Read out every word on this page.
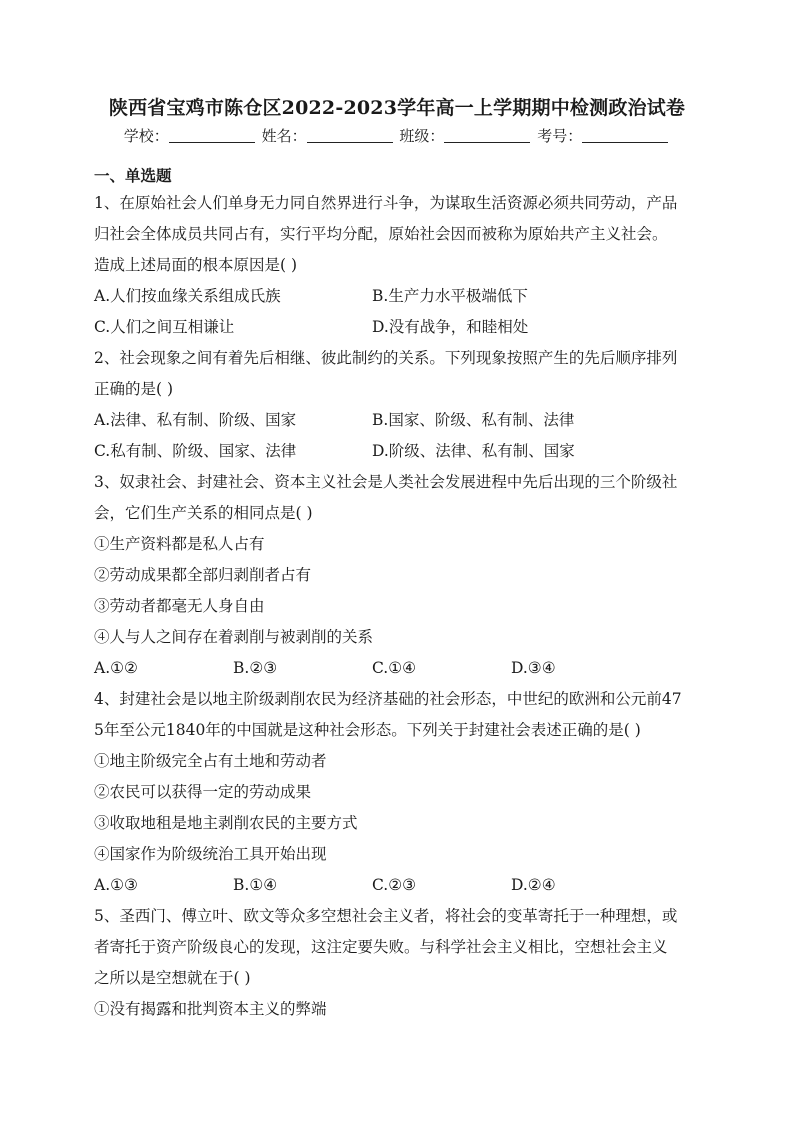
陕西省宝鸡市陈仓区2022-2023学年高一上学期期中检测政治试卷
学校：	姓名：	班级：	考号：
一、单选题
1、在原始社会人们单身无力同自然界进行斗争，为谋取生活资源必须共同劳动，产品
归社会全体成员共同占有，实行平均分配，原始社会因而被称为原始共产主义社会。
造成上述局面的根本原因是( )
A.人们按血缘关系组成氏族	B.生产力水平极端低下
C.人们之间互相谦让	D.没有战争，和睦相处
2、社会现象之间有着先后相继、彼此制约的关系。下列现象按照产生的先后顺序排列
正确的是( )
A.法律、私有制、阶级、国家	B.国家、阶级、私有制、法律
C.私有制、阶级、国家、法律	D.阶级、法律、私有制、国家
3、奴隶社会、封建社会、资本主义社会是人类社会发展进程中先后出现的三个阶级社
会，它们生产关系的相同点是( )
①生产资料都是私人占有
②劳动成果都全部归剥削者占有
③劳动者都毫无人身自由
④人与人之间存在着剥削与被剥削的关系
A.①②	B.②③	C.①④	D.③④
4、封建社会是以地主阶级剥削农民为经济基础的社会形态，中世纪的欧洲和公元前47
5年至公元1840年的中国就是这种社会形态。下列关于封建社会表述正确的是( )
①地主阶级完全占有土地和劳动者
②农民可以获得一定的劳动成果
③收取地租是地主剥削农民的主要方式
④国家作为阶级统治工具开始出现
A.①③	B.①④	C.②③	D.②④
5、圣西门、傅立叶、欧文等众多空想社会主义者，将社会的变革寄托于一种理想，或
者寄托于资产阶级良心的发现，这注定要失败。与科学社会主义相比，空想社会主义
之所以是空想就在于( )
①没有揭露和批判资本主义的弊端
